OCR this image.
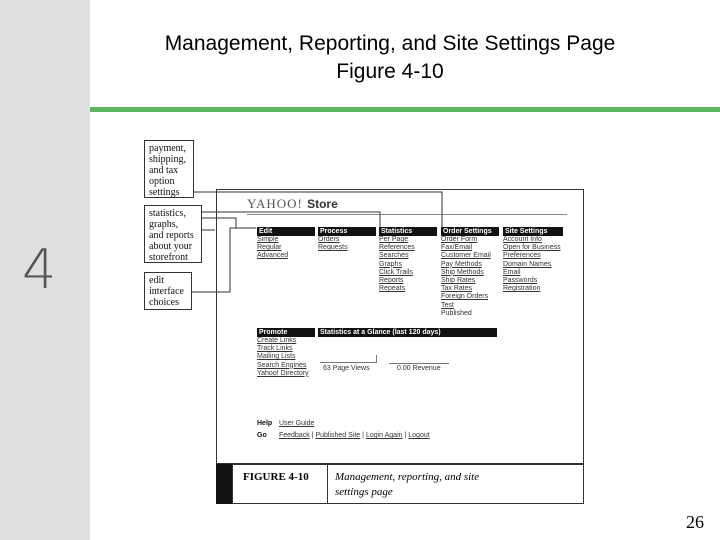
4
Management, Reporting, and Site Settings Page
Figure 4-10
payment,
shipping,
and tax
option
settings
statistics,
graphs,
and reports
about your
storefront
edit
interface
choices
YAHOO! Store
Edit
Simple
Regular
Advanced
Process
Orders
Requests
Statistics
Per Page
References
Searches
Graphs
Click Trails
Reports
Repeats
Order Settings
Order Form
Fax/Email
Customer Email
Pay Methods
Ship Methods
Ship Rates
Tax Rates
Foreign Orders
Test
Published
Site Settings
Account Info
Open for Business
Preferences
Domain Names
Email
Passwords
Registration
Promote
Create Links
Track Links
Mailing Lists
Search Engines
Yahoo! Directory
Statistics at a Glance (last 120 days)
63 Page Views	0.00 Revenue
Help User Guide
Go Feedback | Published Site | Login Again | Logout
FIGURE 4-10 Management, reporting, and site
settings page
26
